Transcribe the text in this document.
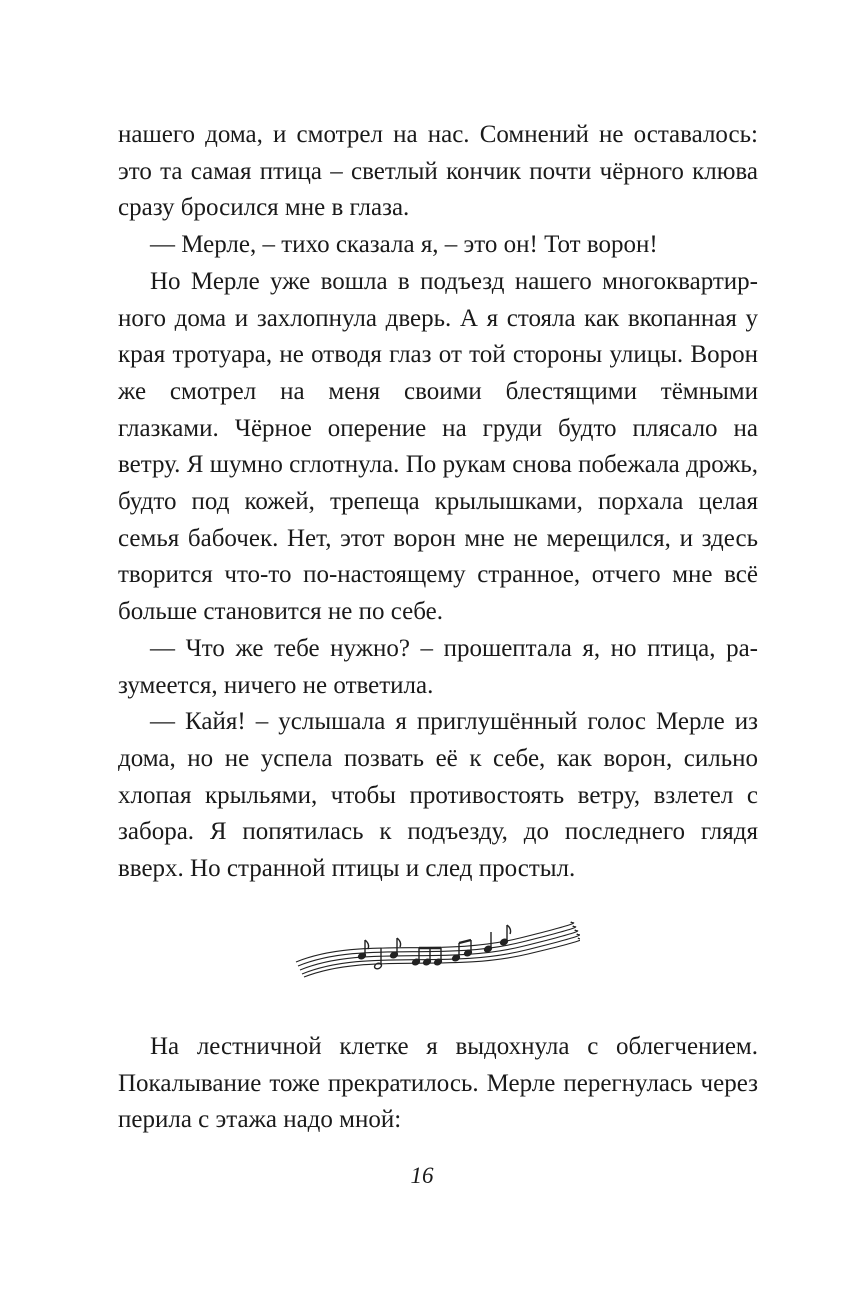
нашего дома, и смотрел на нас. Сомнений не оставалось: это та самая птица – светлый кончик почти чёрного клюва сразу бросился мне в глаза.

— Мерле, – тихо сказала я, – это он! Тот ворон!

Но Мерле уже вошла в подъезд нашего многоквартирного дома и захлопнула дверь. А я стояла как вкопанная у края тротуара, не отводя глаз от той стороны улицы. Ворон же смотрел на меня своими блестящими тёмными глазками. Чёрное оперение на груди будто плясало на ветру. Я шумно сглотнула. По рукам снова побежала дрожь, будто под кожей, трепеща крылышками, порхала целая семья бабочек. Нет, этот ворон мне не мерещился, и здесь творится что-то по-настоящему странное, отчего мне всё больше становится не по себе.

— Что же тебе нужно? – прошептала я, но птица, разумеется, ничего не ответила.

— Кайя! – услышала я приглушённый голос Мерле из дома, но не успела позвать её к себе, как ворон, сильно хлопая крыльями, чтобы противостоять ветру, взлетел с забора. Я попятилась к подъезду, до последнего глядя вверх. Но странной птицы и след простыл.

На лестничной клетке я выдохнула с облегчением. Покалывание тоже прекратилось. Мерле перегнулась через перила с этажа надо мной:

16
